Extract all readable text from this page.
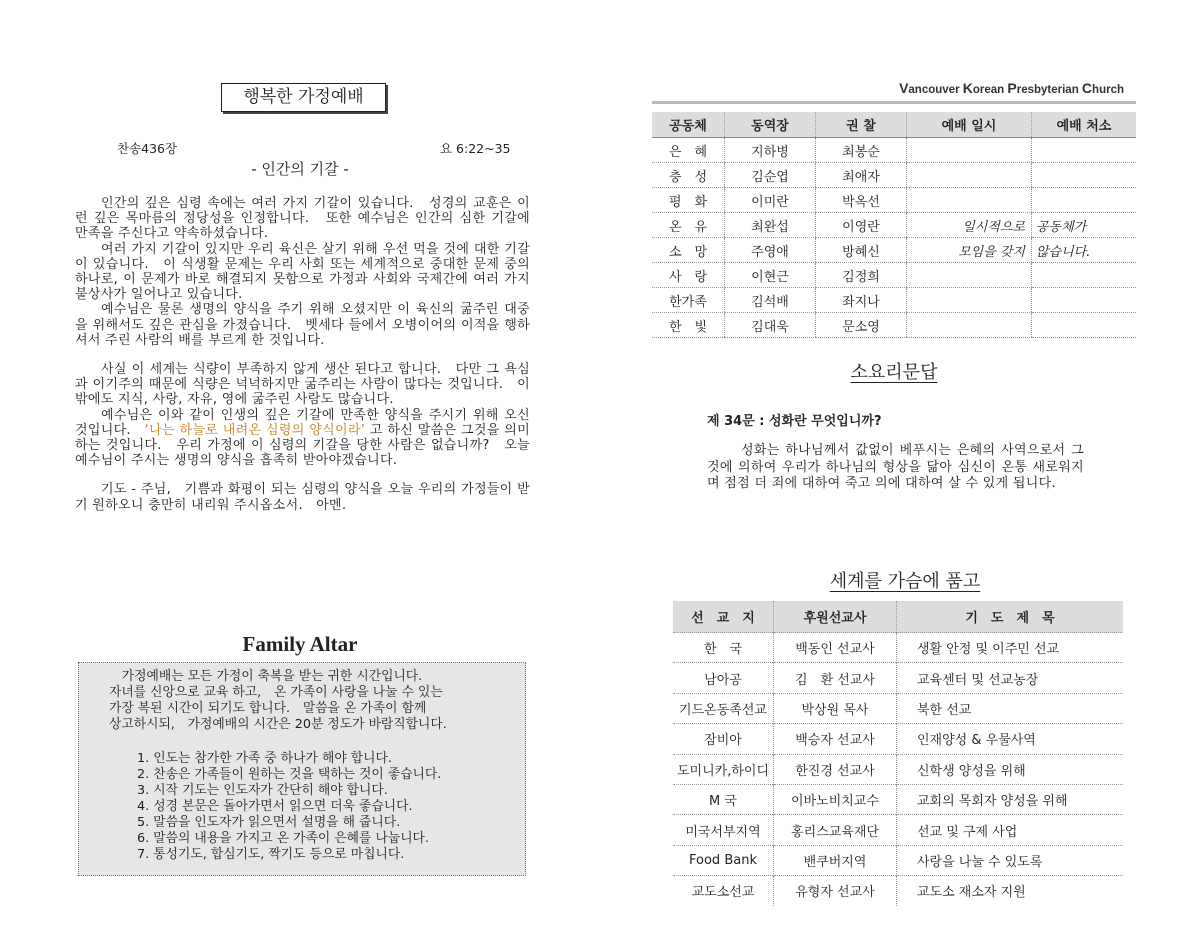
행복한 가정예배
찬송436장	요 6:22~35
- 인간의 기갈 -

인간의 깊은 심령 속에는 여러 가지 기갈이 있습니다.　성경의 교훈은 이런 깊은 목마름의 정당성을 인정합니다.　또한 예수님은 인간의 심한 기갈에 만족을 주신다고 약속하셨습니다.

여러 가지 기갈이 있지만 우리 육신은 살기 위해 우선 먹을 것에 대한 기갈이 있습니다.　이 식생활 문제는 우리 사회 또는 세계적으로 중대한 문제 중의 하나로, 이 문제가 바로 해결되지 못함으로 가정과 사회와 국제간에 여러 가지 불상사가 일어나고 있습니다.

예수님은 물론 생명의 양식을 주기 위해 오셨지만 이 육신의 굶주린 대중을 위해서도 깊은 관심을 가졌습니다.　벳세다 들에서 오병이어의 이적을 행하셔서 주린 사람의 배를 부르게 한 것입니다.

사실 이 세계는 식량이 부족하지 않게 생산 된다고 합니다.　다만 그 욕심과 이기주의 때문에 식량은 넉넉하지만 굶주리는 사람이 많다는 것입니다.　이 밖에도 지식, 사랑, 자유, 영에 굶주린 사람도 많습니다.

예수님은 이와 같이 인생의 깊은 기갈에 만족한 양식을 주시기 위해 오신 것입니다.　‘나는 하늘로 내려온 심령의 양식이라’ 고 하신 말씀은 그것을 의미하는 것입니다.　우리 가정에 이 심령의 기갈을 당한 사람은 없습니까?　오늘 예수님이 주시는 생명의 양식을 흡족히 받아야겠습니다.

기도 - 주님,　기쁨과 화평이 되는 심령의 양식을 오늘 우리의 가정들이 받기 원하오니 충만히 내리워 주시옵소서.　아멘.

Family Altar
　가정예배는 모든 가정이 축복을 받는 귀한 시간입니다.
자녀를 신앙으로 교육 하고,　온 가족이 사랑을 나눌 수 있는
가장 복된 시간이 되기도 합니다.　말씀을 온 가족이 함께
상고하시되,　가정예배의 시간은 20분 정도가 바람직합니다.
1. 인도는 참가한 가족 중 하나가 해야 합니다.
2. 찬송은 가족들이 원하는 것을 택하는 것이 좋습니다.
3. 시작 기도는 인도자가 간단히 해야 합니다.
4. 성경 본문은 돌아가면서 읽으면 더욱 좋습니다.
5. 말씀을 인도자가 읽으면서 설명을 해 줍니다.
6. 말씀의 내용을 가지고 온 가족이 은혜를 나눕니다.
7. 통성기도, 합심기도, 짝기도 등으로 마칩니다.
Vancouver Korean Presbyterian Church
공동체	동역장	권 찰	예배 일시	예배 처소
은　혜	지하병	최봉순		
충　성	김순엽	최애자		
평　화	이미란	박옥선		
온　유	최완섭	이영란	일시적으로	공동체가
소　망	주영애	방혜신	모임을 갖지	않습니다.
사　랑	이현근	김정희		
한가족	김석배	좌지나		
한　빛	김대욱	문소영		
소요리문답
제 34문 : 성화란 무엇입니까?
성화는 하나님께서 값없이 베푸시는 은혜의 사역으로서 그것에 의하여 우리가 하나님의 형상을 닮아 심신이 온통 새로워지며 점점 더 죄에 대하여 죽고 의에 대하여 살 수 있게 됩니다.
세계를 가슴에 품고
선　교　지	후원선교사	기　도　제　목
한　국	백동인 선교사	생활 안정 및 이주민 선교
남아공	김　환 선교사	교육센터 및 선교농장
기드온동족선교	박상원 목사	북한 선교
잠비아	백승자 선교사	인재양성 & 우물사역
도미니카,하이디	한진경 선교사	신학생 양성을 위해
M 국	이바노비치교수	교회의 목회자 양성을 위해
미국서부지역	홍리스교육재단	선교 및 구제 사업
Food Bank	밴쿠버지역	사랑을 나눌 수 있도록
교도소선교	유형자 선교사	교도소 재소자 지원
